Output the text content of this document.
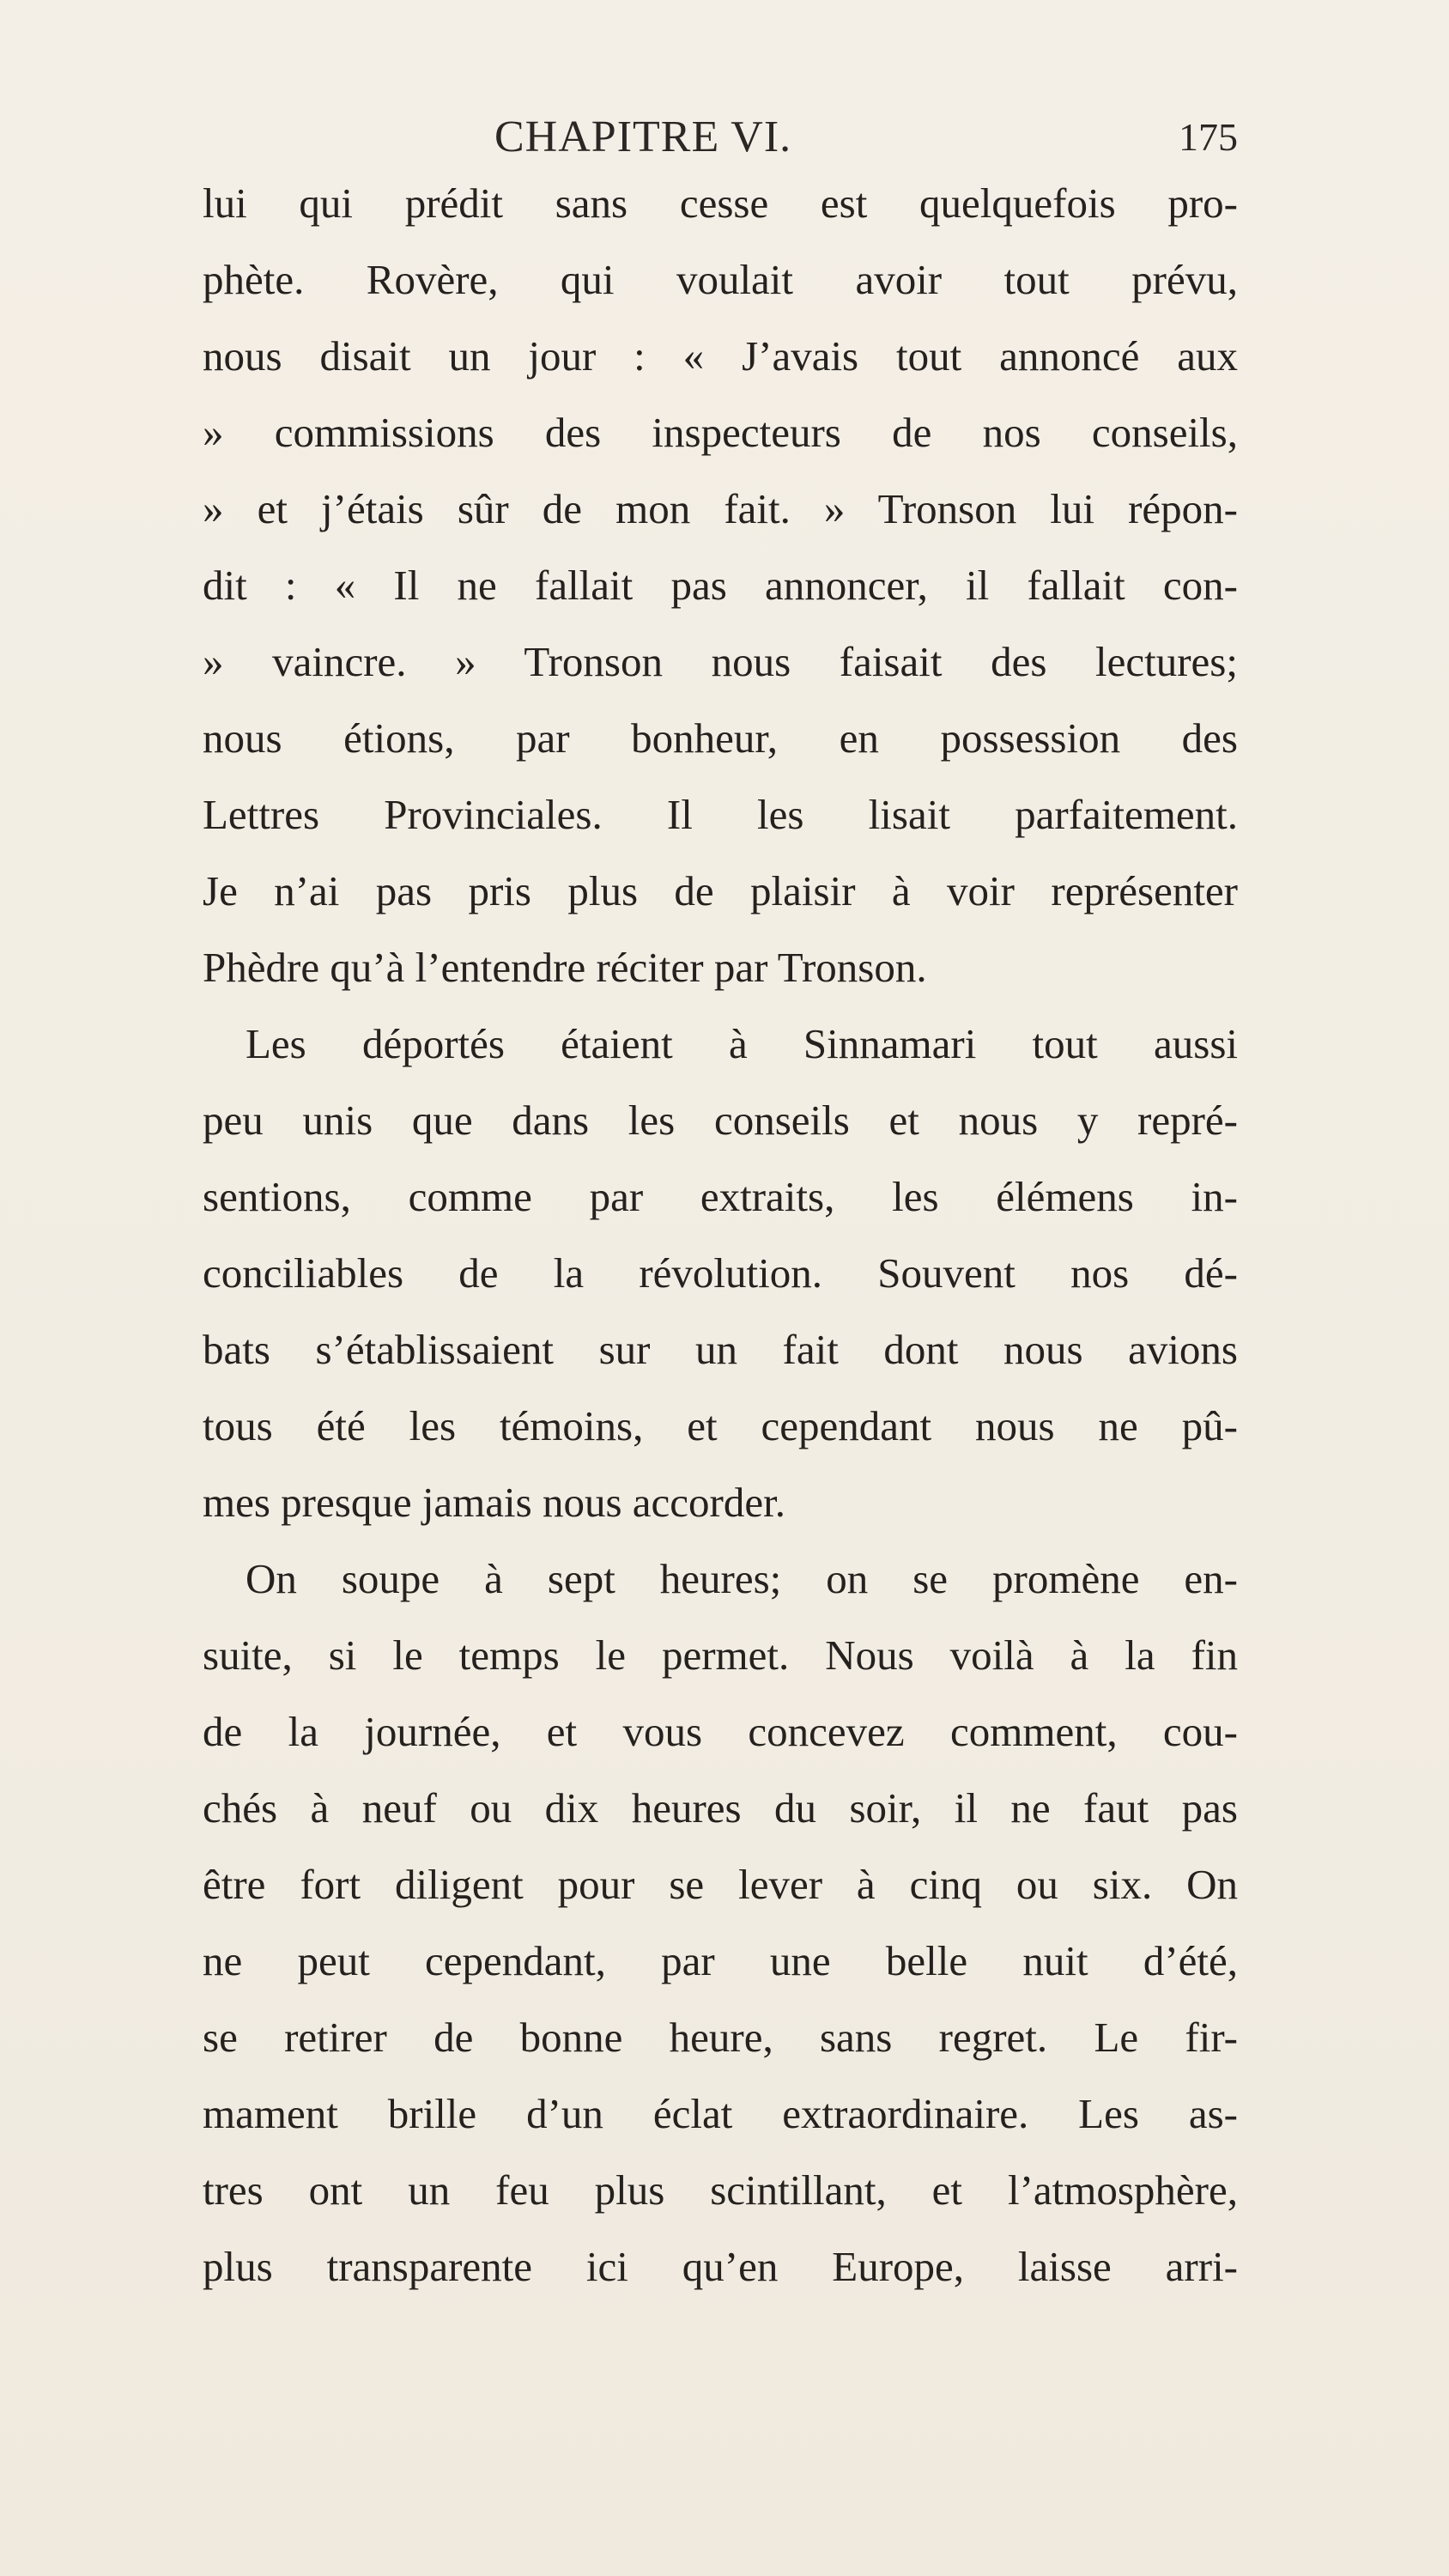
CHAPITRE VI.	175
lui qui prédit sans cesse est quelquefois pro-
phète. Rovère, qui voulait avoir tout prévu,
nous disait un jour : « J’avais tout annoncé aux
» commissions des inspecteurs de nos conseils,
» et j’étais sûr de mon fait. » Tronson lui répon-
dit : « Il ne fallait pas annoncer, il fallait con-
» vaincre. » Tronson nous faisait des lectures;
nous étions, par bonheur, en possession des
Lettres Provinciales. Il les lisait parfaitement.
Je n’ai pas pris plus de plaisir à voir représenter
Phèdre qu’à l’entendre réciter par Tronson.
Les déportés étaient à Sinnamari tout aussi
peu unis que dans les conseils et nous y repré-
sentions, comme par extraits, les élémens in-
conciliables de la révolution. Souvent nos dé-
bats s’établissaient sur un fait dont nous avions
tous été les témoins, et cependant nous ne pû-
mes presque jamais nous accorder.
On soupe à sept heures; on se promène en-
suite, si le temps le permet. Nous voilà à la fin
de la journée, et vous concevez comment, cou-
chés à neuf ou dix heures du soir, il ne faut pas
être fort diligent pour se lever à cinq ou six. On
ne peut cependant, par une belle nuit d’été,
se retirer de bonne heure, sans regret. Le fir-
mament brille d’un éclat extraordinaire. Les as-
tres ont un feu plus scintillant, et l’atmosphère,
plus transparente ici qu’en Europe, laisse arri-
